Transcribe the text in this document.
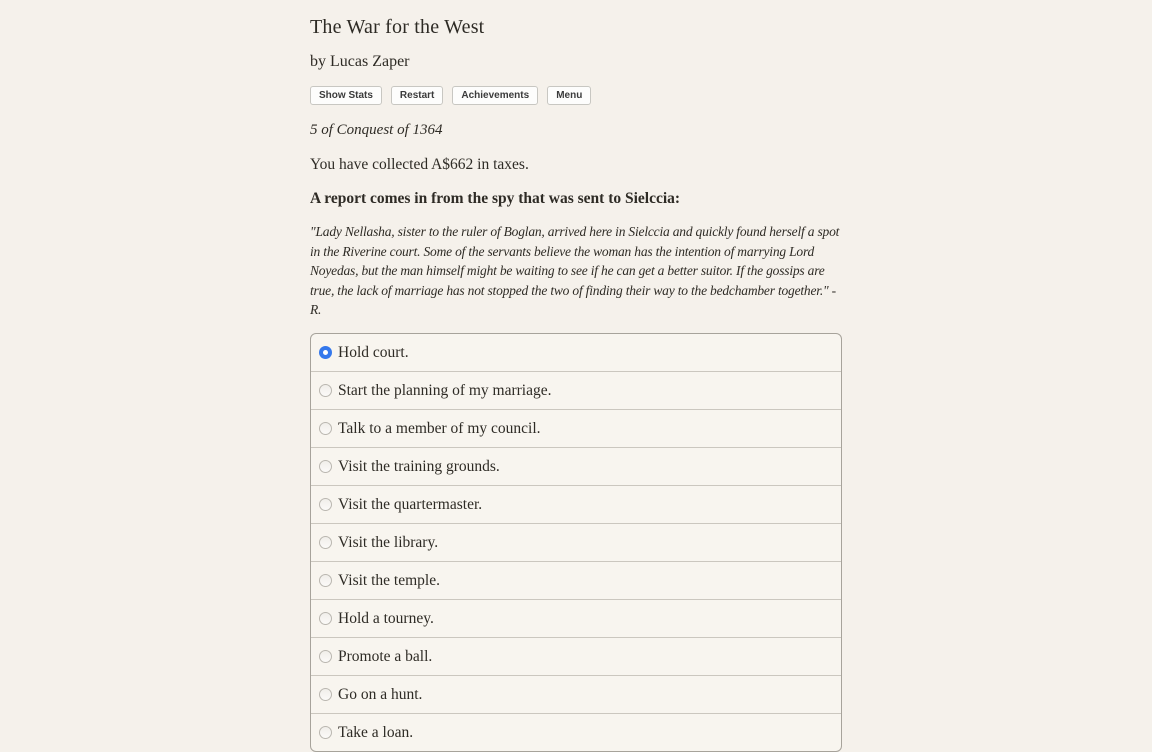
The War for the West

by Lucas Zaper

Show Stats	Restart	Achievements	Menu

5 of Conquest of 1364

You have collected A$662 in taxes.

A report comes in from the spy that was sent to Sielccia:

"Lady Nellasha, sister to the ruler of Boglan, arrived here in Sielccia and quickly found herself a spot in the Riverine court. Some of the servants believe the woman has the intention of marrying Lord Noyedas, but the man himself might be waiting to see if he can get a better suitor. If the gossips are true, the lack of marriage has not stopped the two of finding their way to the bedchamber together." - R.

Hold court.
Start the planning of my marriage.
Talk to a member of my council.
Visit the training grounds.
Visit the quartermaster.
Visit the library.
Visit the temple.
Hold a tourney.
Promote a ball.
Go on a hunt.
Take a loan.
